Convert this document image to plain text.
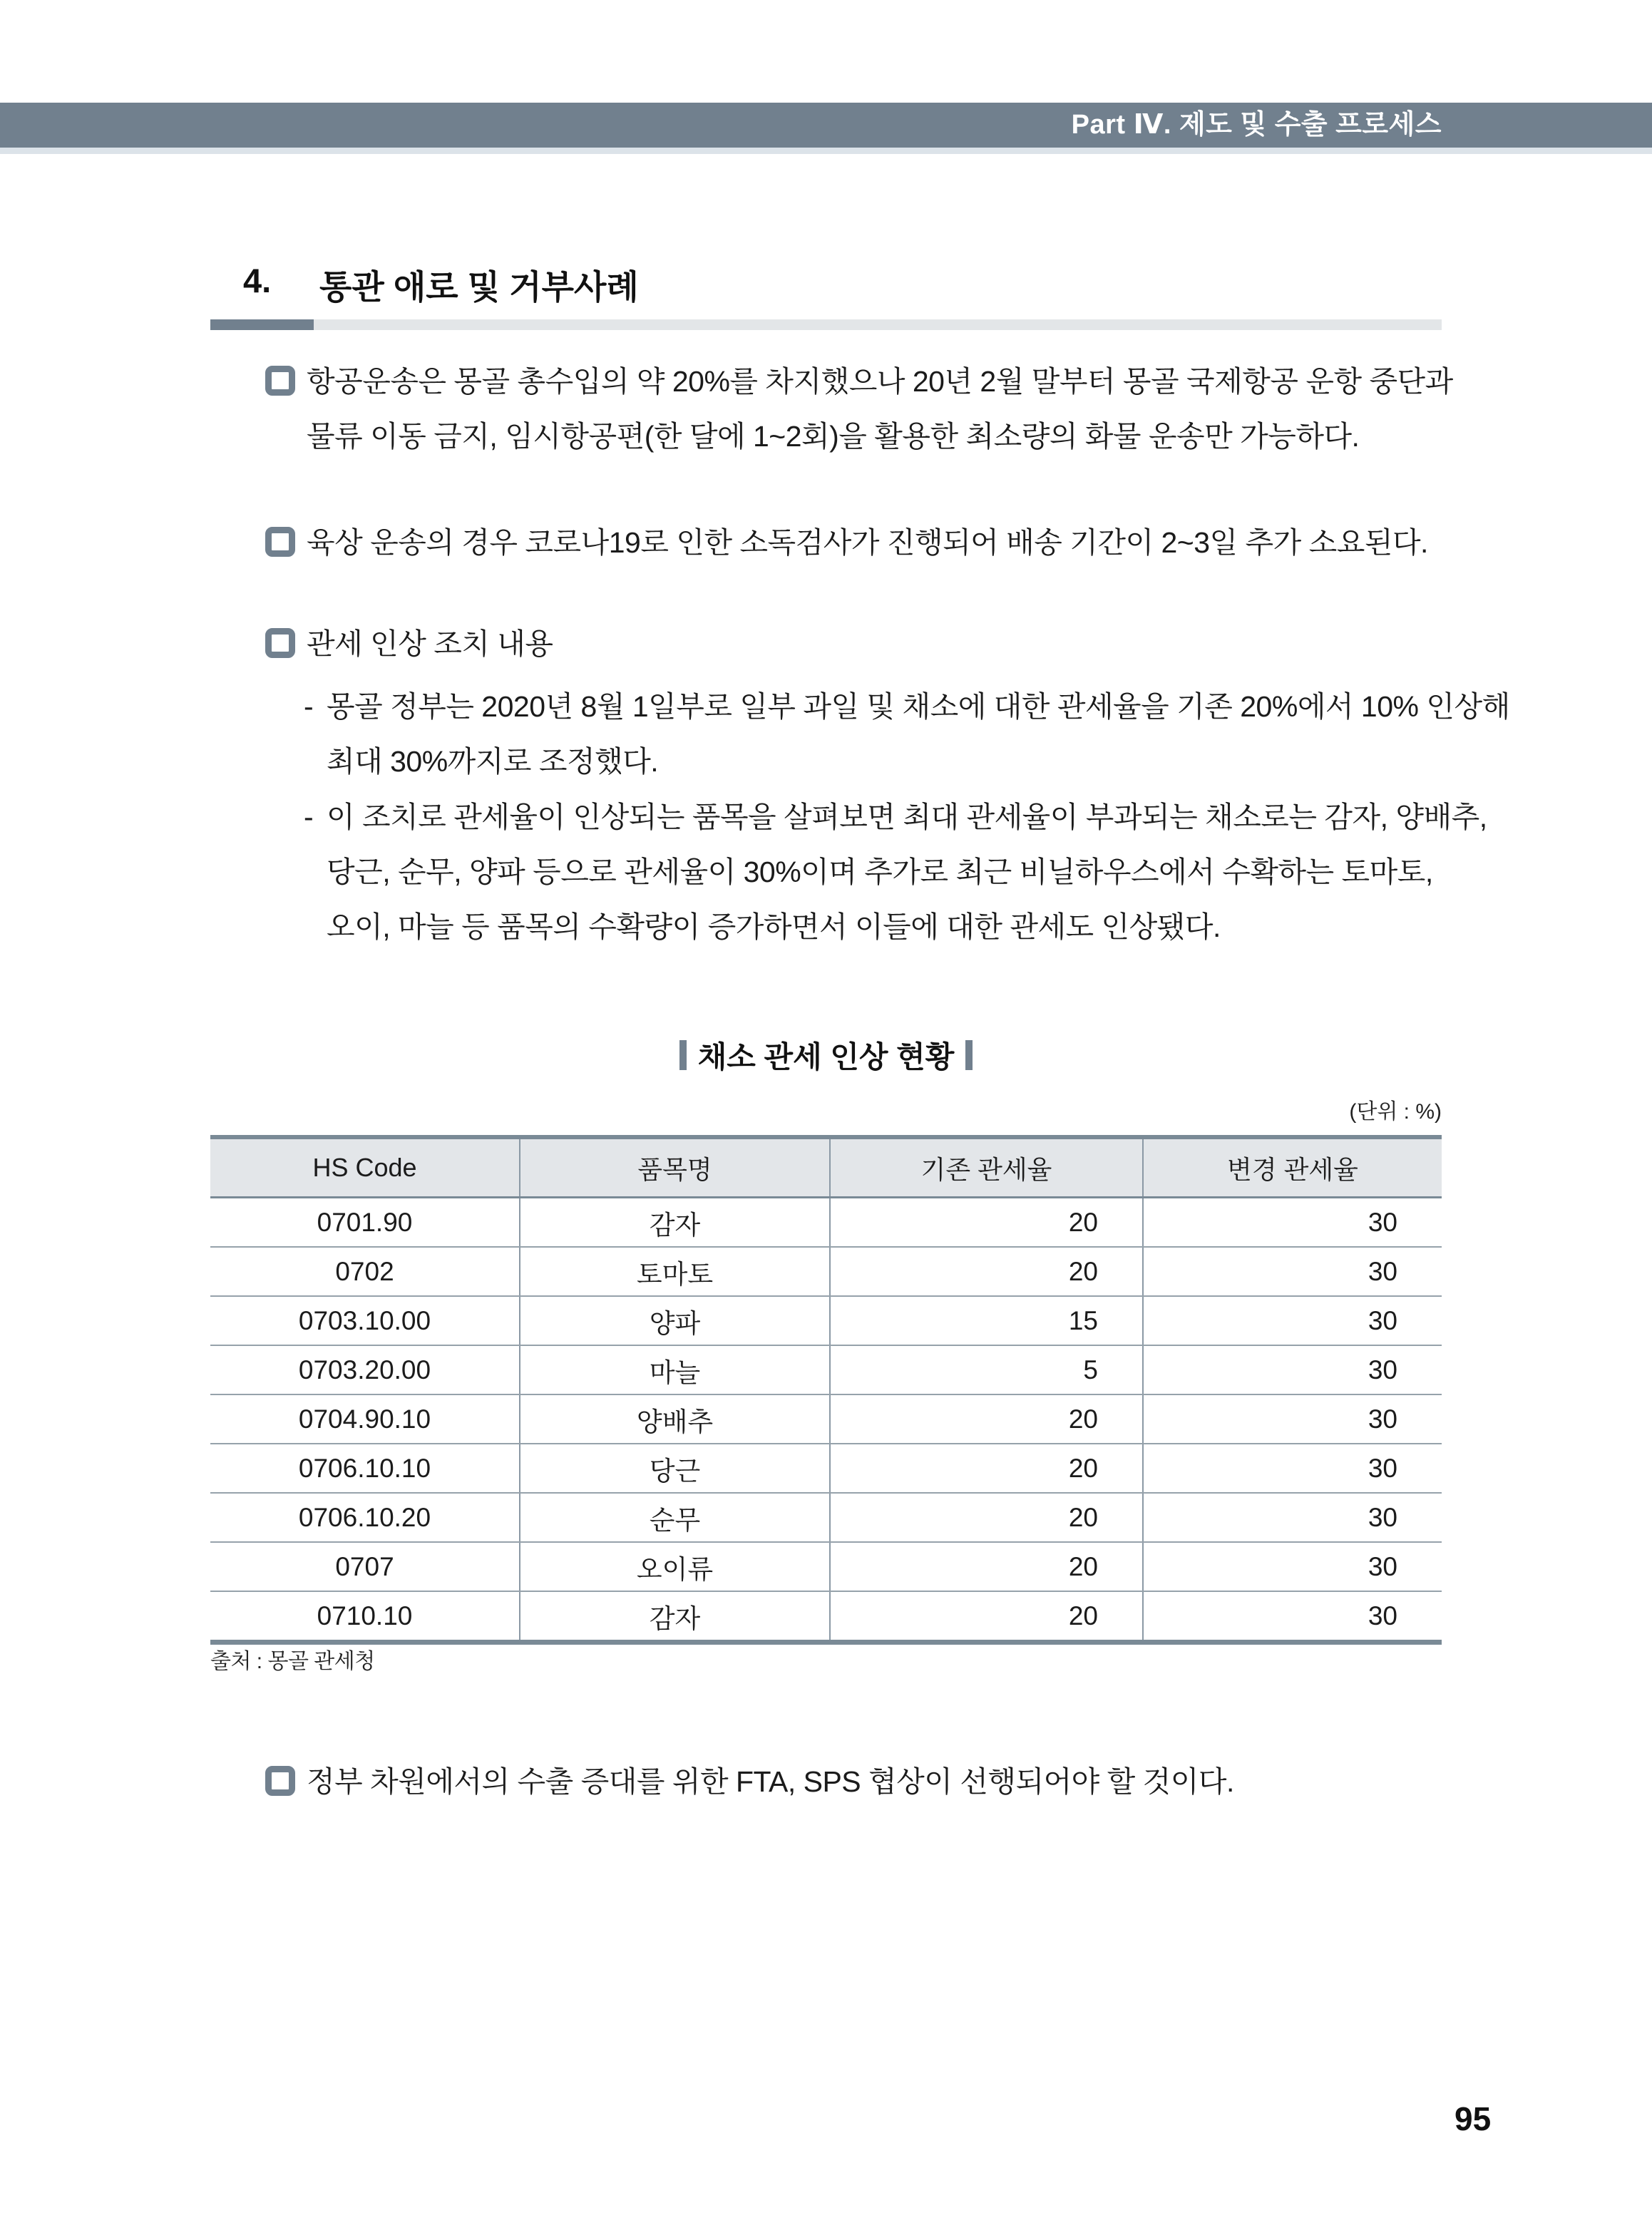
Part Ⅳ. 제도 및 수출 프로세스
4.	통관 애로 및 거부사례
항공운송은 몽골 총수입의 약 20%를 차지했으나 20년 2월 말부터 몽골 국제항공 운항 중단과
물류 이동 금지, 임시항공편(한 달에 1~2회)을 활용한 최소량의 화물 운송만 가능하다.
육상 운송의 경우 코로나19로 인한 소독검사가 진행되어 배송 기간이 2~3일 추가 소요된다.
관세 인상 조치 내용
- 몽골 정부는 2020년 8월 1일부로 일부 과일 및 채소에 대한 관세율을 기존 20%에서 10% 인상해
최대 30%까지로 조정했다.
- 이 조치로 관세율이 인상되는 품목을 살펴보면 최대 관세율이 부과되는 채소로는 감자, 양배추,
당근, 순무, 양파 등으로 관세율이 30%이며 추가로 최근 비닐하우스에서 수확하는 토마토,
오이, 마늘 등 품목의 수확량이 증가하면서 이들에 대한 관세도 인상됐다.
채소 관세 인상 현황
(단위 : %)
HS Code	품목명	기존 관세율	변경 관세율
0701.90	감자	20	30
0702	토마토	20	30
0703.10.00	양파	15	30
0703.20.00	마늘	5	30
0704.90.10	양배추	20	30
0706.10.10	당근	20	30
0706.10.20	순무	20	30
0707	오이류	20	30
0710.10	감자	20	30
출처 : 몽골 관세청
정부 차원에서의 수출 증대를 위한 FTA, SPS 협상이 선행되어야 할 것이다.
95
